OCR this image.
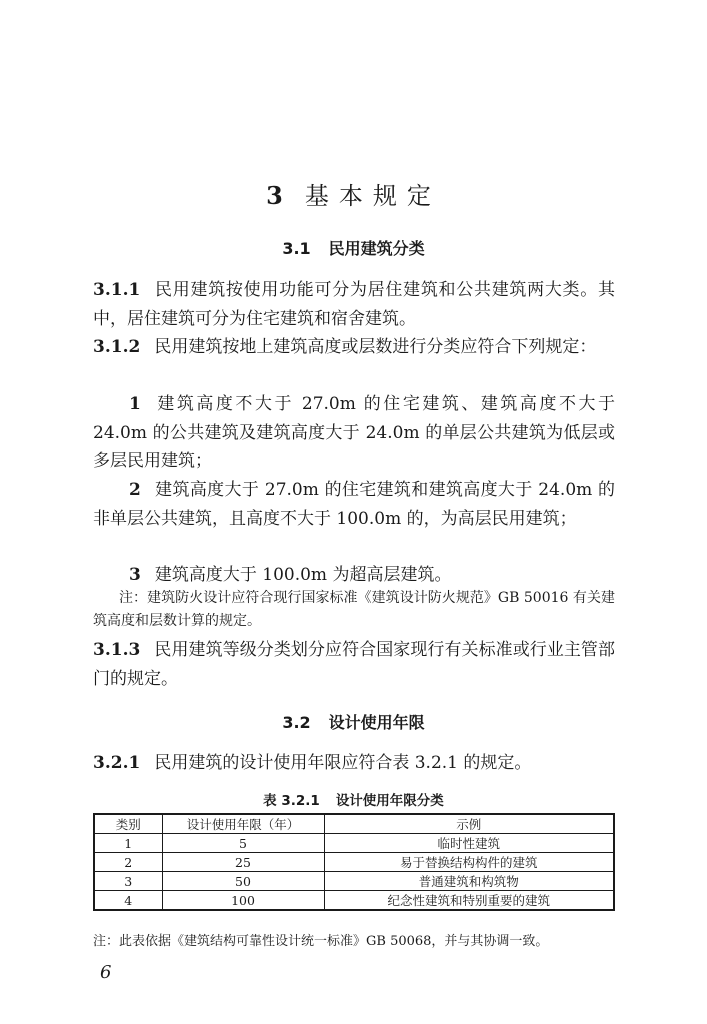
3 基本规定
3.1 民用建筑分类
3.1.1 民用建筑按使用功能可分为居住建筑和公共建筑两大类。其中，居住建筑可分为住宅建筑和宿舍建筑。
3.1.2 民用建筑按地上建筑高度或层数进行分类应符合下列规定：
1 建筑高度不大于 27.0m 的住宅建筑、建筑高度不大于 24.0m 的公共建筑及建筑高度大于 24.0m 的单层公共建筑为低层或多层民用建筑；
2 建筑高度大于 27.0m 的住宅建筑和建筑高度大于 24.0m 的非单层公共建筑，且高度不大于 100.0m 的，为高层民用建筑；
3 建筑高度大于 100.0m 为超高层建筑。
注：建筑防火设计应符合现行国家标准《建筑设计防火规范》GB 50016 有关建筑高度和层数计算的规定。
3.1.3 民用建筑等级分类划分应符合国家现行有关标准或行业主管部门的规定。
3.2 设计使用年限
3.2.1 民用建筑的设计使用年限应符合表 3.2.1 的规定。
表 3.2.1 设计使用年限分类
类别	设计使用年限（年）	示例
1	5	临时性建筑
2	25	易于替换结构构件的建筑
3	50	普通建筑和构筑物
4	100	纪念性建筑和特别重要的建筑
注：此表依据《建筑结构可靠性设计统一标准》GB 50068，并与其协调一致。
6
